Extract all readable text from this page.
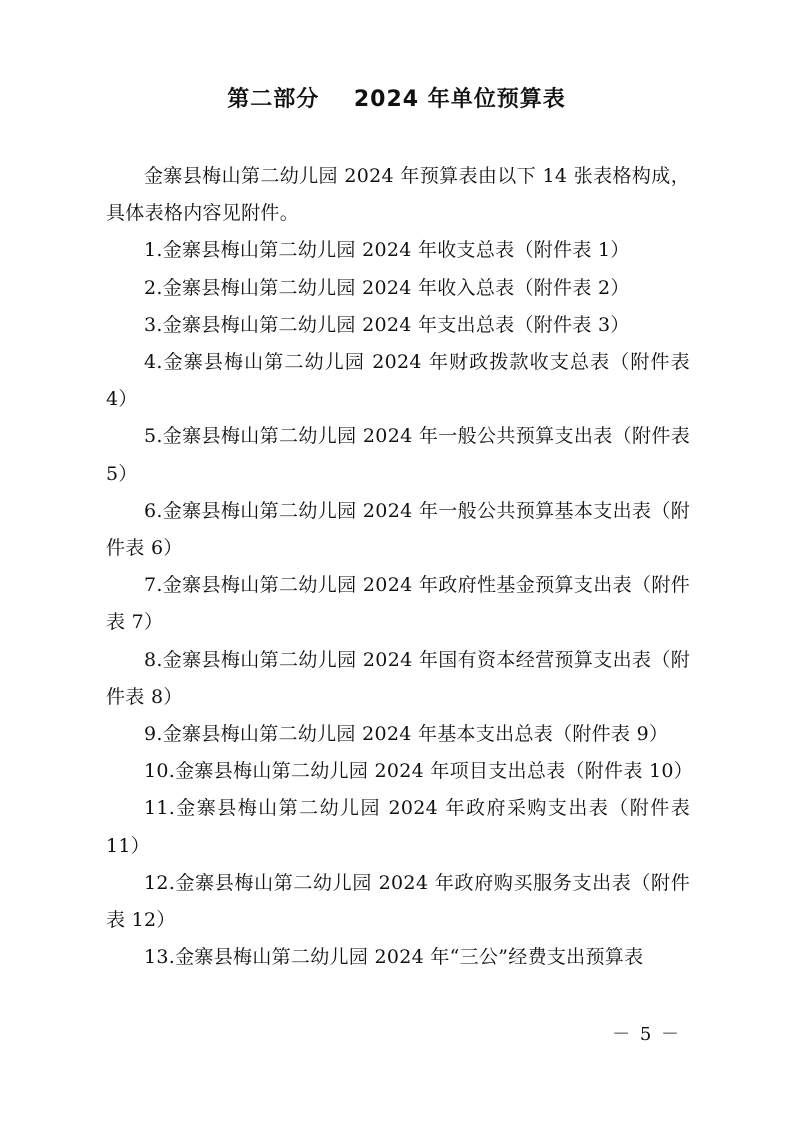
第二部分    2024 年单位预算表

金寨县梅山第二幼儿园 2024 年预算表由以下 14 张表格构成，具体表格内容见附件。

1.金寨县梅山第二幼儿园 2024 年收支总表（附件表 1）

2.金寨县梅山第二幼儿园 2024 年收入总表（附件表 2）

3.金寨县梅山第二幼儿园 2024 年支出总表（附件表 3）

4.金寨县梅山第二幼儿园 2024 年财政拨款收支总表（附件表 4）

5.金寨县梅山第二幼儿园 2024 年一般公共预算支出表（附件表 5）

6.金寨县梅山第二幼儿园 2024 年一般公共预算基本支出表（附件表 6）

7.金寨县梅山第二幼儿园 2024 年政府性基金预算支出表（附件表 7）

8.金寨县梅山第二幼儿园 2024 年国有资本经营预算支出表（附件表 8）

9.金寨县梅山第二幼儿园 2024 年基本支出总表（附件表 9）

10.金寨县梅山第二幼儿园 2024 年项目支出总表（附件表 10）

11.金寨县梅山第二幼儿园 2024 年政府采购支出表（附件表 11）

12.金寨县梅山第二幼儿园 2024 年政府购买服务支出表（附件表 12）

13.金寨县梅山第二幼儿园 2024 年“三公”经费支出预算表

－ 5 －
